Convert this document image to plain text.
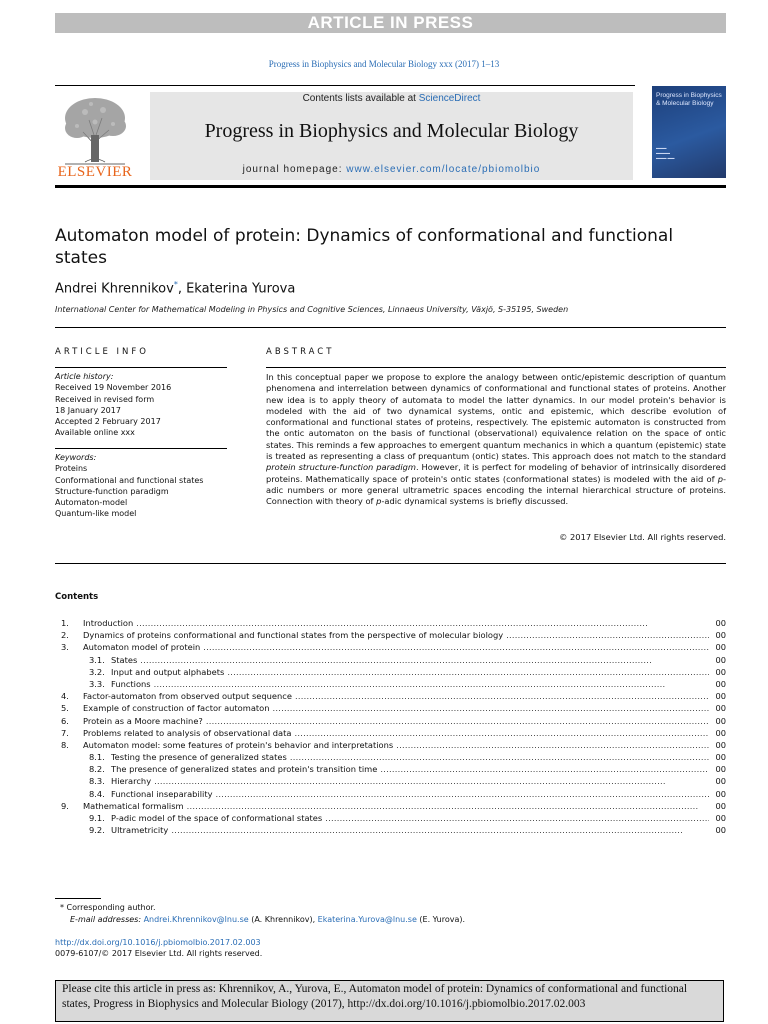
ARTICLE IN PRESS
Progress in Biophysics and Molecular Biology xxx (2017) 1–13
ELSEVIER
Contents lists available at ScienceDirect
Progress in Biophysics and Molecular Biology
journal homepage: www.elsevier.com/locate/pbiomolbio
Progress in Biophysics & Molecular Biology
▬▬▬
▬▬▬▬
▬▬▬ ▬▬
Automaton model of protein: Dynamics of conformational and functional states
Andrei Khrennikov*, Ekaterina Yurova
International Center for Mathematical Modeling in Physics and Cognitive Sciences, Linnaeus University, Växjö, S-35195, Sweden
ARTICLE INFO
Article history:
Received 19 November 2016
Received in revised form
18 January 2017
Accepted 2 February 2017
Available online xxx
Keywords:
Proteins
Conformational and functional states
Structure-function paradigm
Automaton-model
Quantum-like model
ABSTRACT
In this conceptual paper we propose to explore the analogy between ontic/epistemic description of quantum phenomena and interrelation between dynamics of conformational and functional states of proteins. Another new idea is to apply theory of automata to model the latter dynamics. In our model protein's behavior is modeled with the aid of two dynamical systems, ontic and epistemic, which describe evolution of conformational and functional states of proteins, respectively. The epistemic automaton is constructed from the ontic automaton on the basis of functional (observational) equivalence relation on the space of ontic states. This reminds a few approaches to emergent quantum mechanics in which a quantum (epistemic) state is treated as representing a class of prequantum (ontic) states. This approach does not match to the standard protein structure-function paradigm. However, it is perfect for modeling of behavior of intrinsically disordered proteins. Mathematically space of protein's ontic states (conformational states) is modeled with the aid of p-adic numbers or more general ultrametric spaces encoding the internal hierarchical structure of proteins. Connection with theory of p-adic dynamical systems is briefly discussed.
© 2017 Elsevier Ltd. All rights reserved.
Contents
1.	Introduction . . .	00
2.	Dynamics of proteins conformational and functional states from the perspective of molecular biology . . .	00
3.	Automaton model of protein . . .	00
3.1. States . . .	00
3.2. Input and output alphabets . . .	00
3.3. Functions . . .	00
4.	Factor-automaton from observed output sequence . . .	00
5.	Example of construction of factor automaton . . .	00
6.	Protein as a Moore machine? . . .	00
7.	Problems related to analysis of observational data . . .	00
8.	Automaton model: some features of protein's behavior and interpretations . . .	00
8.1. Testing the presence of generalized states . . .	00
8.2. The presence of generalized states and protein's transition time . . .	00
8.3. Hierarchy . . .	00
8.4. Functional inseparability . . .	00
9.	Mathematical formalism . . .	00
9.1. P-adic model of the space of conformational states . . .	00
9.2. Ultrametricity . . .	00
* Corresponding author.
E-mail addresses: Andrei.Khrennikov@lnu.se (A. Khrennikov), Ekaterina.Yurova@lnu.se (E. Yurova).
http://dx.doi.org/10.1016/j.pbiomolbio.2017.02.003
0079-6107/© 2017 Elsevier Ltd. All rights reserved.
Please cite this article in press as: Khrennikov, A., Yurova, E., Automaton model of protein: Dynamics of conformational and functional states, Progress in Biophysics and Molecular Biology (2017), http://dx.doi.org/10.1016/j.pbiomolbio.2017.02.003
